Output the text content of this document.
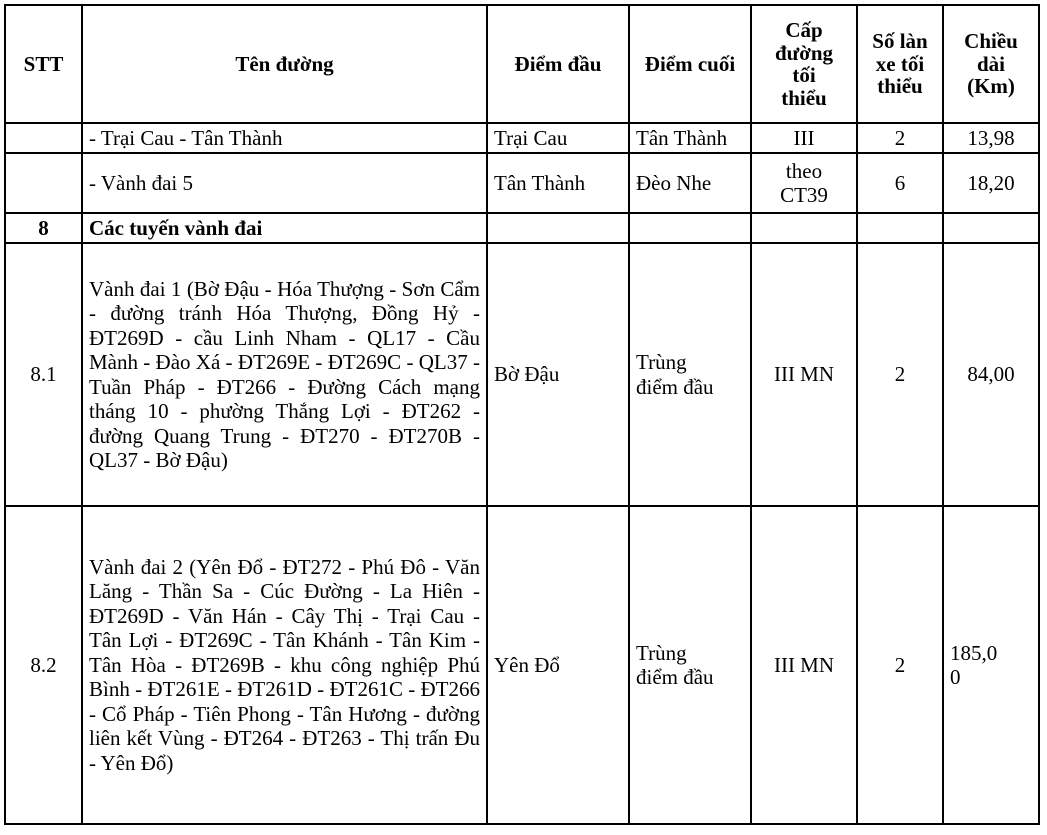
STT	Tên đường	Điểm đầu	Điểm cuối	Cấp
đường
tối
thiểu	Số làn
xe tối
thiểu	Chiều
dài
(Km)
	- Trại Cau - Tân Thành	Trại Cau	Tân Thành	III	2	13,98
	- Vành đai 5	Tân Thành	Đèo Nhe	theo
CT39	6	18,20
8	Các tuyến vành đai					
8.1	Vành đai 1 (Bờ Đậu - Hóa Thượng - Sơn Cẩm - đường tránh Hóa Thượng, Đồng Hỷ - ĐT269D - cầu Linh Nham - QL17 - Cầu Mành - Đào Xá - ĐT269E - ĐT269C - QL37 - Tuần Pháp - ĐT266 - Đường Cách mạng tháng 10 - phường Thắng Lợi - ĐT262 - đường Quang Trung - ĐT270 - ĐT270B - QL37 - Bờ Đậu)	Bờ Đậu	Trùng
điểm đầu	III MN	2	84,00
8.2	Vành đai 2 (Yên Đổ - ĐT272 - Phú Đô - Văn Lăng - Thần Sa - Cúc Đường - La Hiên - ĐT269D - Văn Hán - Cây Thị - Trại Cau - Tân Lợi - ĐT269C - Tân Khánh - Tân Kim - Tân Hòa - ĐT269B - khu công nghiệp Phú Bình - ĐT261E - ĐT261D - ĐT261C - ĐT266 - Cổ Pháp - Tiên Phong - Tân Hương - đường liên kết Vùng - ĐT264 - ĐT263 - Thị trấn Đu - Yên Đổ)	Yên Đổ	Trùng
điểm đầu	III MN	2	185,0
0
